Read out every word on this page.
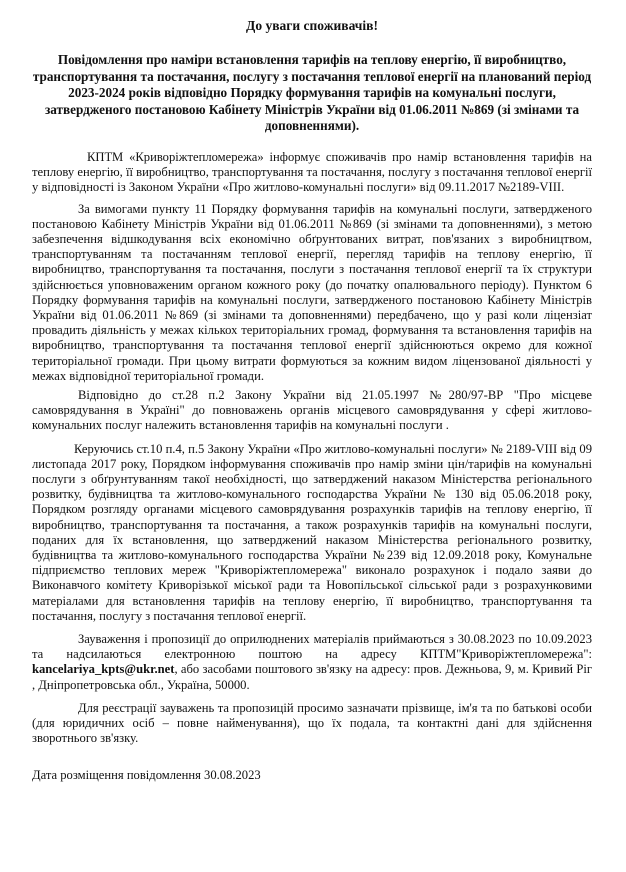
До уваги споживачів!
Повідомлення про наміри встановлення тарифів на теплову енергію, її виробництво, транспортування та постачання, послугу з постачання теплової енергії на планований період 2023-2024 років відповідно Порядку формування тарифів на комунальні послуги, затвердженого постановою Кабінету Міністрів України від 01.06.2011 №869 (зі змінами та доповненнями).

КПТМ «Криворіжтепломережа» інформує споживачів про намір встановлення тарифів на теплову енергію, її виробництво, транспортування та постачання, послугу з постачання теплової енергії у відповідності із Законом України «Про житлово-комунальні послуги» від 09.11.2017 №2189-VIII.

За вимогами пункту 11 Порядку формування тарифів на комунальні послуги, затвердженого постановою Кабінету Міністрів України від 01.06.2011 №869 (зі змінами та доповненнями), з метою забезпечення відшкодування всіх економічно обґрунтованих витрат, пов'язаних з виробництвом, транспортуванням та постачанням теплової енергії, перегляд тарифів на теплову енергію, її виробництво, транспортування та постачання, послуги з постачання теплової енергії та їх структури здійснюється уповноваженим органом кожного року (до початку опалювального періоду). Пунктом 6 Порядку формування тарифів на комунальні послуги, затвердженого постановою Кабінету Міністрів України від 01.06.2011 №869 (зі змінами та доповненнями) передбачено, що у разі коли ліцензіат провадить діяльність у межах кількох територіальних громад, формування та встановлення тарифів на виробництво, транспортування та постачання теплової енергії здійснюються окремо для кожної територіальної громади. При цьому витрати формуються за кожним видом ліцензованої діяльності у межах відповідної територіальної громади.

Відповідно до ст.28 п.2 Закону України від 21.05.1997 №280/97-ВР "Про місцеве самоврядування в Україні" до повноважень органів місцевого самоврядування у сфері житлово-комунальних послуг належить встановлення тарифів на комунальні послуги .

Керуючись ст.10 п.4, п.5 Закону України «Про житлово-комунальні послуги» № 2189-VIII від 09 листопада 2017 року, Порядком інформування споживачів про намір зміни цін/тарифів на комунальні послуги з обґрунтуванням такої необхідності, що затверджений наказом Міністерства регіонального розвитку, будівництва та житлово-комунального господарства України № 130 від 05.06.2018 року, Порядком розгляду органами місцевого самоврядування розрахунків тарифів на теплову енергію, її виробництво, транспортування та постачання, а також розрахунків тарифів на комунальні послуги, поданих для їх встановлення, що затверджений наказом Міністерства регіонального розвитку, будівництва та житлово-комунального господарства України №239 від 12.09.2018 року, Комунальне підприємство теплових мереж "Криворіжтепломережа" виконало розрахунок і подало заяви до Виконавчого комітету Криворізької міської ради та Новопільської сільської ради з розрахунковими матеріалами для встановлення тарифів на теплову енергію, її виробництво, транспортування та постачання, послугу з постачання теплової енергії.

Зауваження і пропозиції до оприлюднених матеріалів приймаються з 30.08.2023 по 10.09.2023 та надсилаються електронною поштою на адресу КПТМ"Криворіжтепломережа": kancelariya_kpts@ukr.net, або засобами поштового зв'язку на адресу: пров. Дежньова, 9, м. Кривий Ріг , Дніпропетровська обл., Україна, 50000.

Для реєстрації зауважень та пропозицій просимо зазначати прізвище, ім'я та по батькові особи (для юридичних осіб – повне найменування), що їх подала, та контактні дані для здійснення зворотнього зв'язку.

Дата розміщення повідомлення 30.08.2023
